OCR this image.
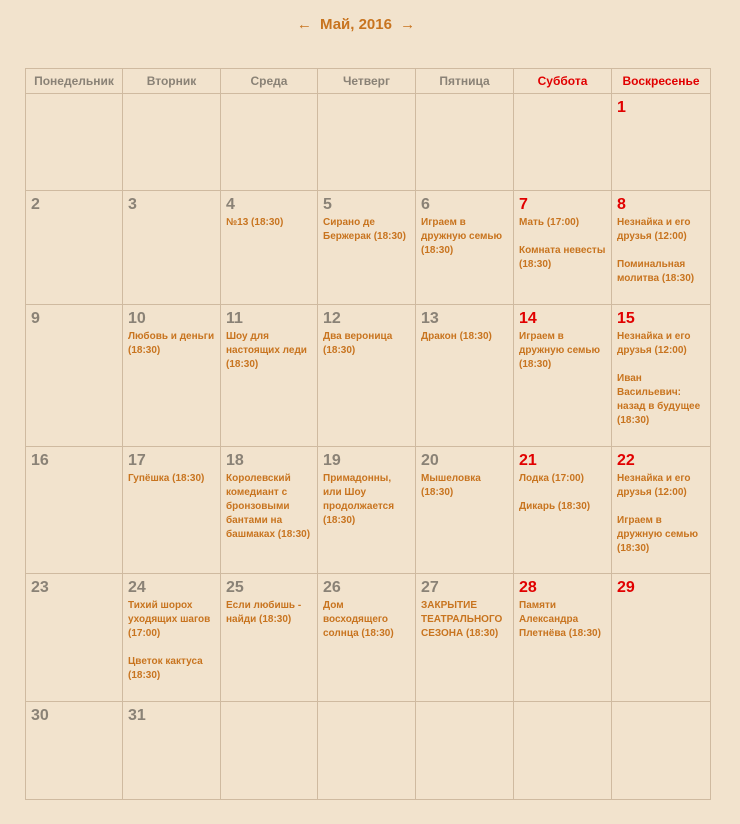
← Май, 2016 →
Понедельник	Вторник	Среда	Четверг	Пятница	Суббота	Воскресенье

						1

2	3	4
№13 (18:30)	5
Сирано де Бержерак (18:30)	6
Играем в дружную семью (18:30)	7
Мать (17:00)
Комната невесты (18:30)	8
Незнайка и его друзья (12:00)
Поминальная молитва (18:30)

9	10
Любовь и деньги (18:30)	11
Шоу для настоящих леди (18:30)	12
Два вероница (18:30)	13
Дракон (18:30)	14
Играем в дружную семью (18:30)	15
Незнайка и его друзья (12:00)
Иван Васильевич: назад в будущее (18:30)

16	17
Гупёшка (18:30)	18
Королевский комедиант с бронзовыми бантами на башмаках (18:30)	19
Примадонны, или Шоу продолжается (18:30)	20
Мышеловка (18:30)	21
Лодка (17:00)
Дикарь (18:30)	22
Незнайка и его друзья (12:00)
Играем в дружную семью (18:30)

23	24
Тихий шорох уходящих шагов (17:00)
Цветок кактуса (18:30)	25
Если любишь - найди (18:30)	26
Дом восходящего солнца (18:30)	27
ЗАКРЫТИЕ ТЕАТРАЛЬНОГО СЕЗОНА (18:30)	28
Памяти Александра Плетнёва (18:30)	29

30	31					
